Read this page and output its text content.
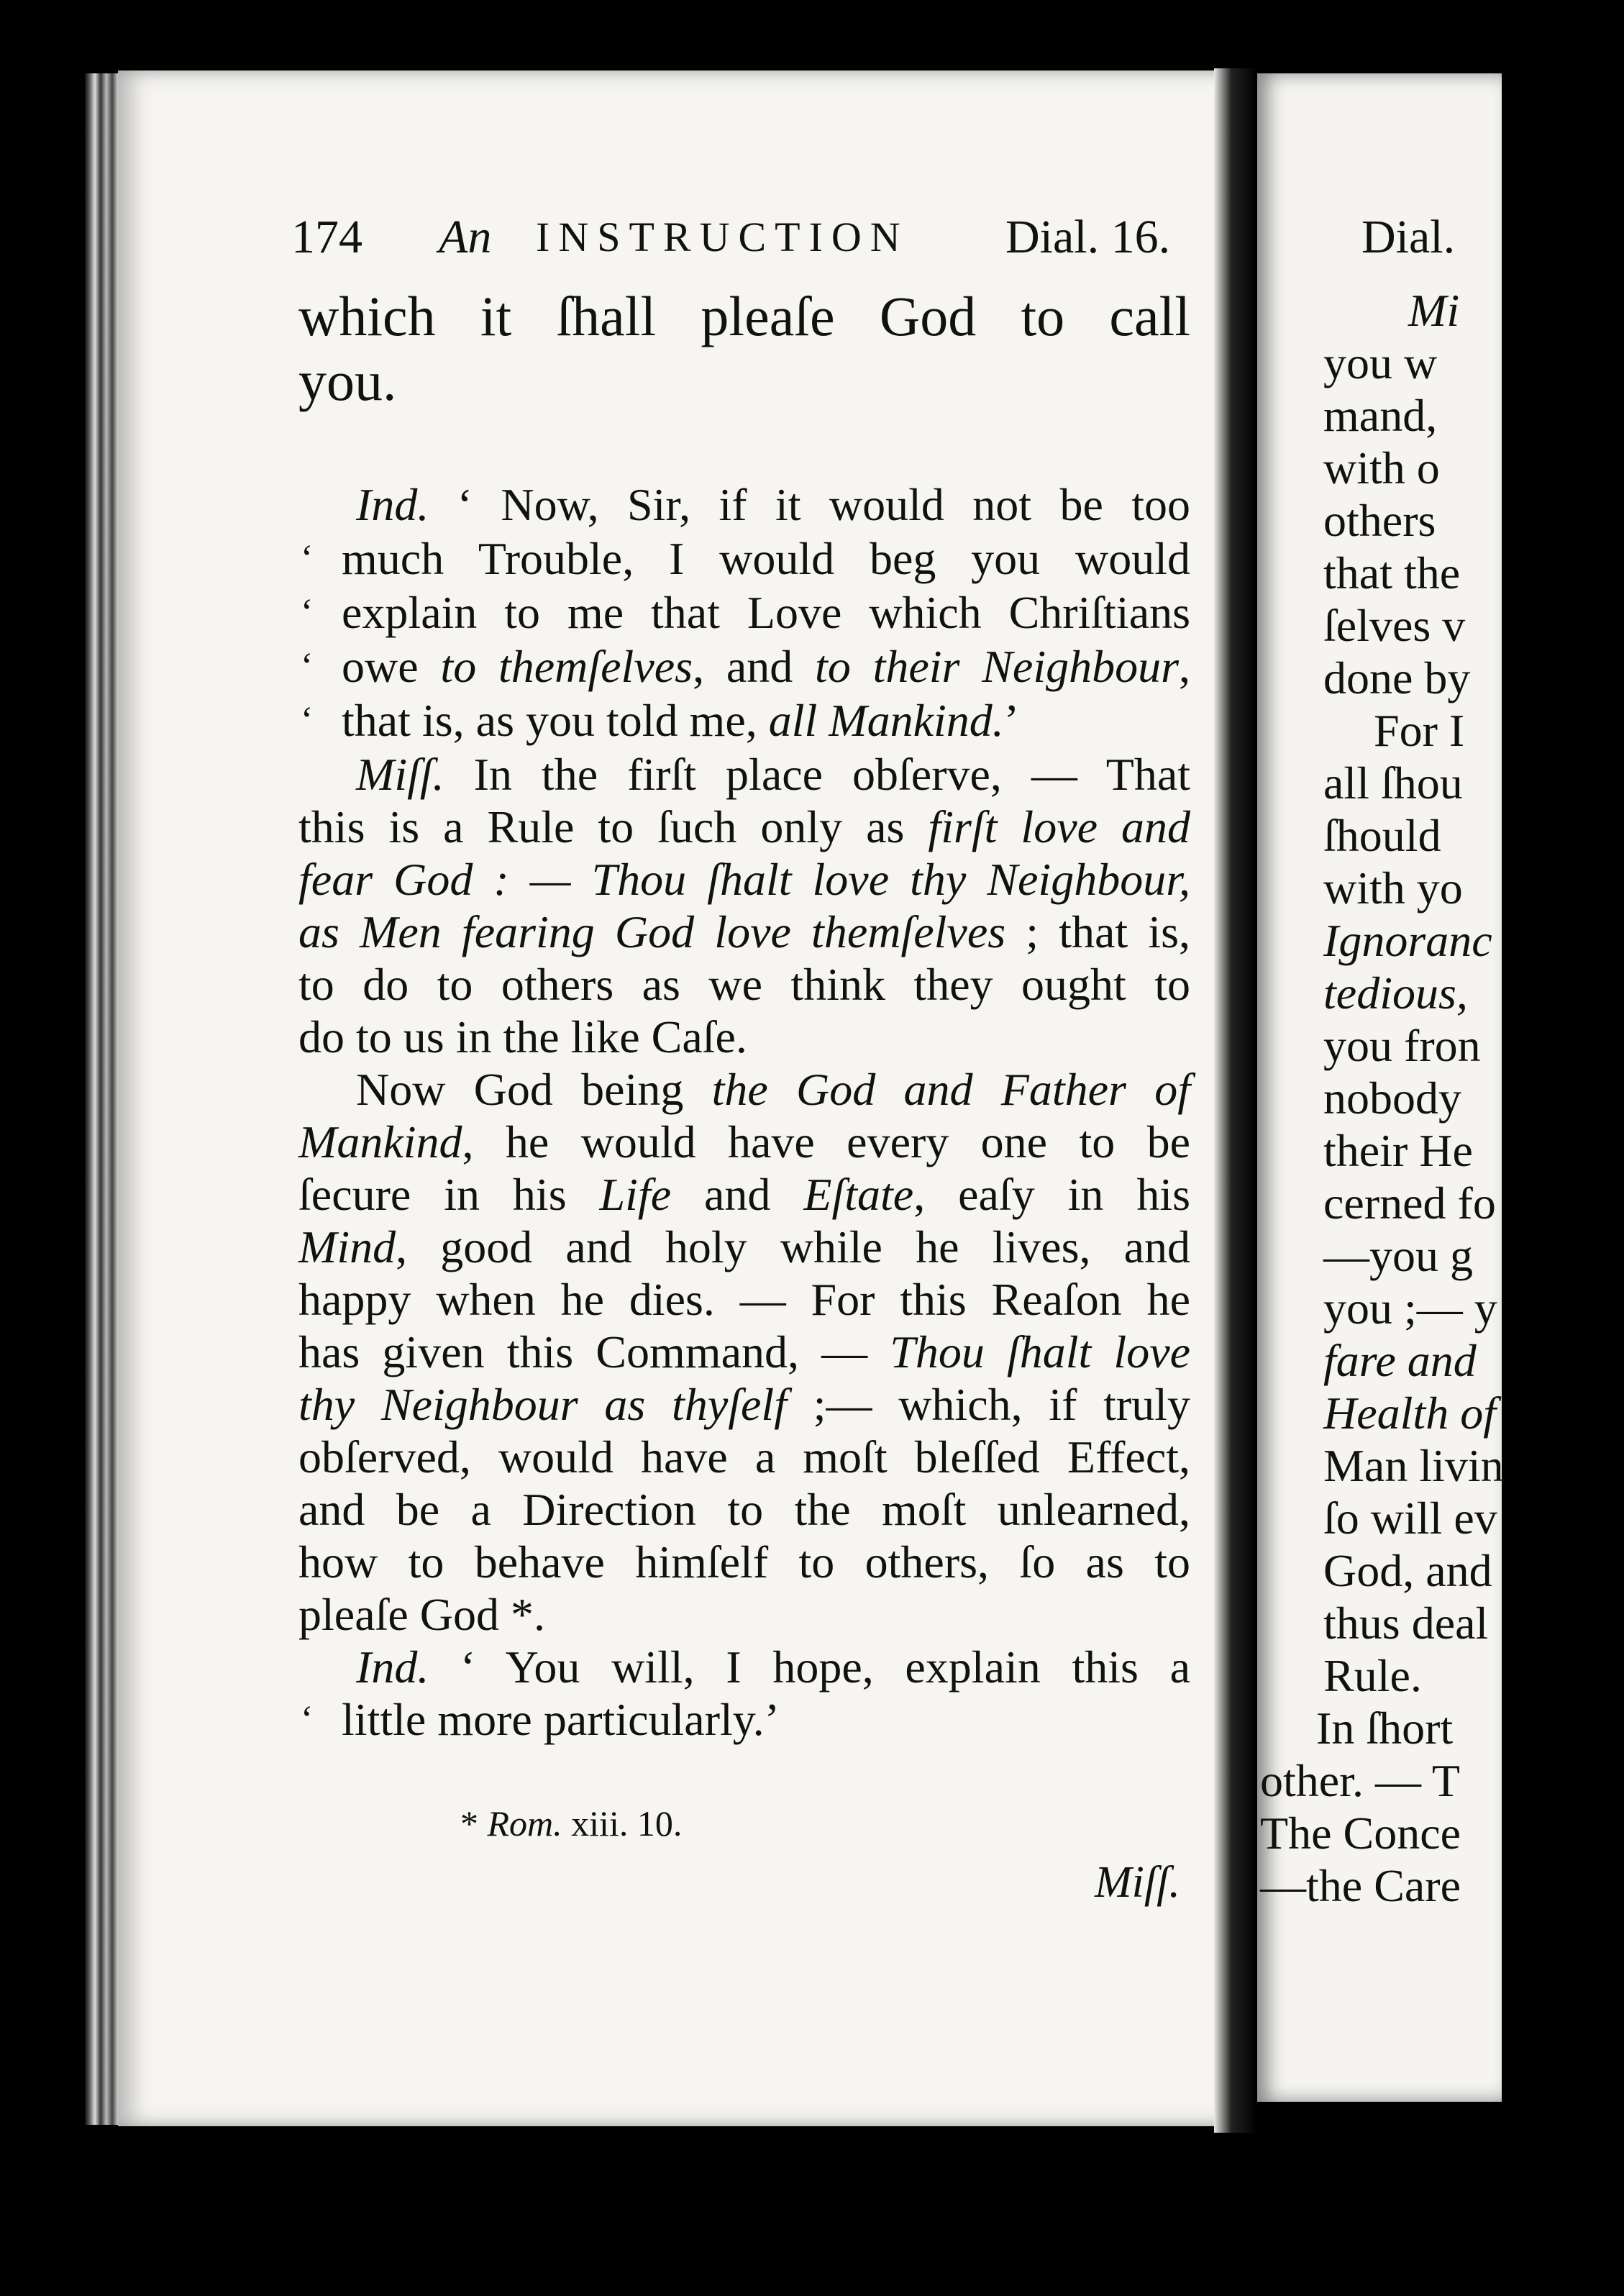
174 An INSTRUCTION Dial. 16.
which it ſhall pleaſe God to call
you.
Ind. ‘ Now, Sir, if it would not be too
much Trouble, I would beg you would
‘
explain to me that Love which Chriſtians
‘
owe to themſelves, and to their Neighbour,
‘
that is, as you told me, all Mankind.’
‘
Miſſ. In the firſt place obſerve, — That
this is a Rule to ſuch only as firſt love and
fear God : — Thou ſhalt love thy Neighbour,
as Men fearing God love themſelves ; that is,
to do to others as we think they ought to
do to us in the like Caſe.
Now God being the God and Father of
Mankind, he would have every one to be
ſecure in his Life and Eſtate, eaſy in his
Mind, good and holy while he lives, and
happy when he dies. — For this Reaſon he
has given this Command, — Thou ſhalt love
thy Neighbour as thyſelf ;— which, if truly
obſerved, would have a moſt bleſſed Effect,
and be a Direction to the moſt unlearned,
how to behave himſelf to others, ſo as to
pleaſe God *.
Ind. ‘ You will, I hope, explain this a
little more particularly.’
‘
* Rom. xiii. 10.
Miſſ.
Dial.
Mi
you w
mand,
with o
others
that the
ſelves v
done by
For I
all ſhou
ſhould
with yo
Ignoranc
tedious,
you fron
nobody
their He
cerned fo
—you g
you ;— y
fare and
Health of
Man livin
ſo will ev
God, and
thus deal
Rule.
In ſhort
other. — T
The Conce
—the Care
